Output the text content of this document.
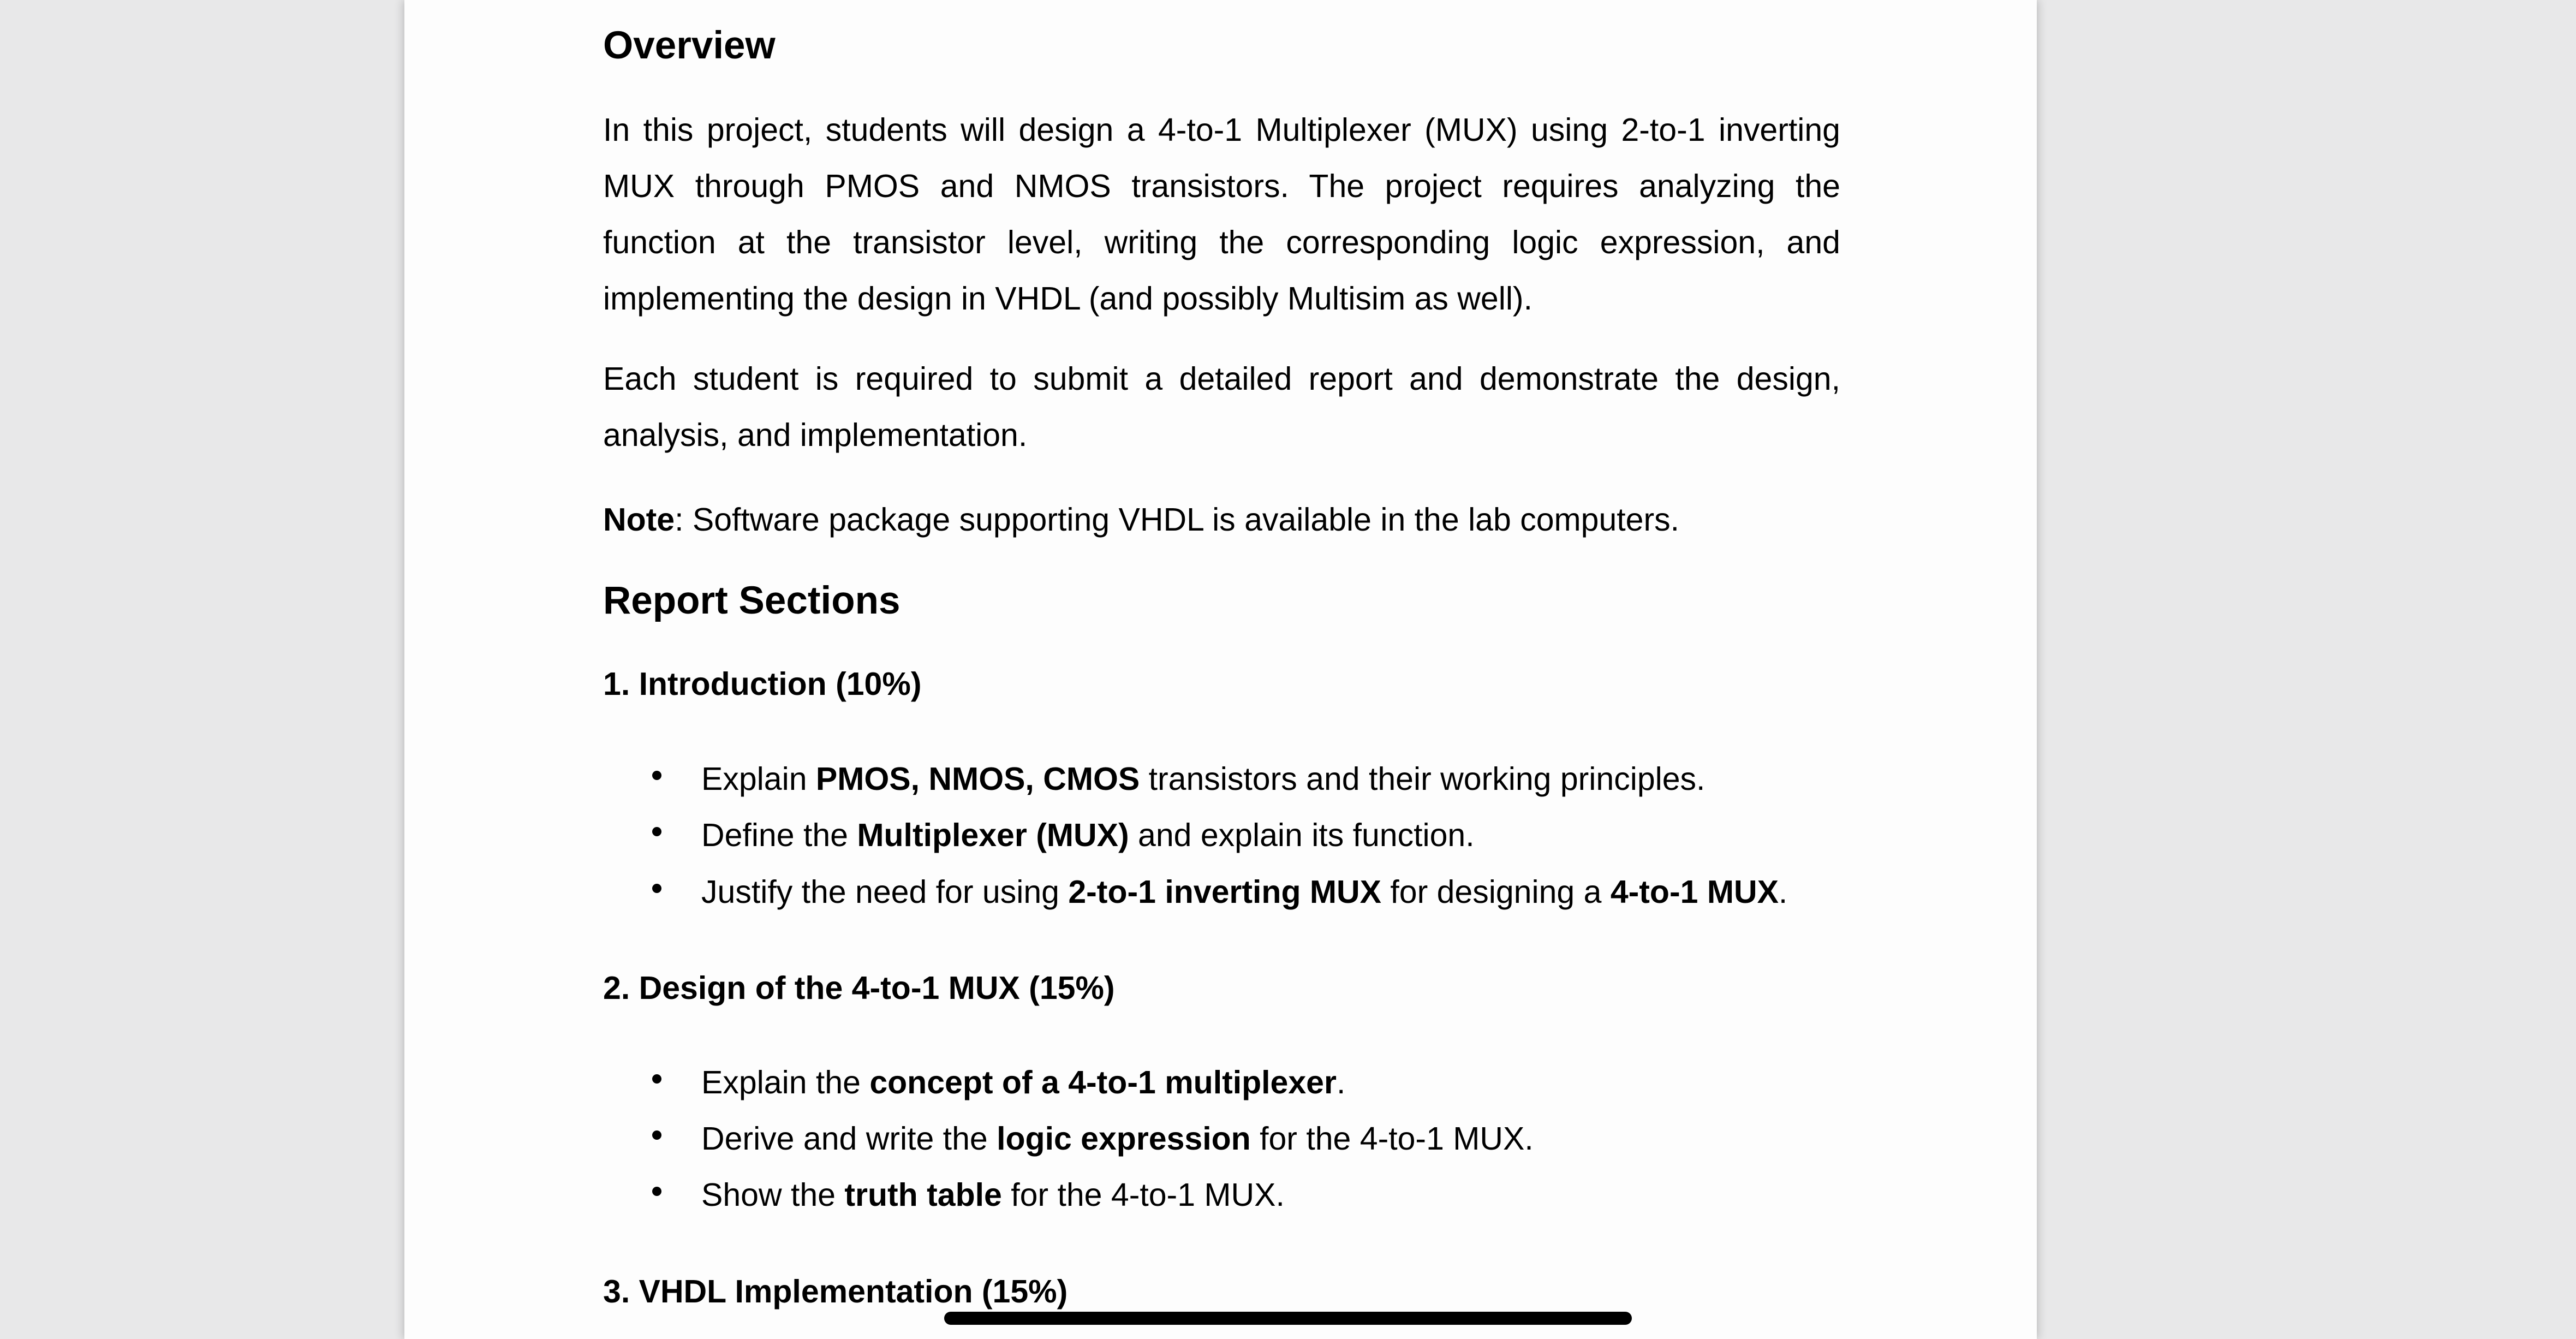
Overview

In this project, students will design a 4-to-1 Multiplexer (MUX) using 2-to-1 inverting MUX through PMOS and NMOS transistors. The project requires analyzing the function at the transistor level, writing the corresponding logic expression, and implementing the design in VHDL (and possibly Multisim as well).

Each student is required to submit a detailed report and demonstrate the design, analysis, and implementation.

Note: Software package supporting VHDL is available in the lab computers.
Report Sections
1. Introduction (10%)
Explain PMOS, NMOS, CMOS transistors and their working principles.
Define the Multiplexer (MUX) and explain its function.
Justify the need for using 2-to-1 inverting MUX for designing a 4-to-1 MUX.
2. Design of the 4-to-1 MUX (15%)
Explain the concept of a 4-to-1 multiplexer.
Derive and write the logic expression for the 4-to-1 MUX.
Show the truth table for the 4-to-1 MUX.
3. VHDL Implementation (15%)
